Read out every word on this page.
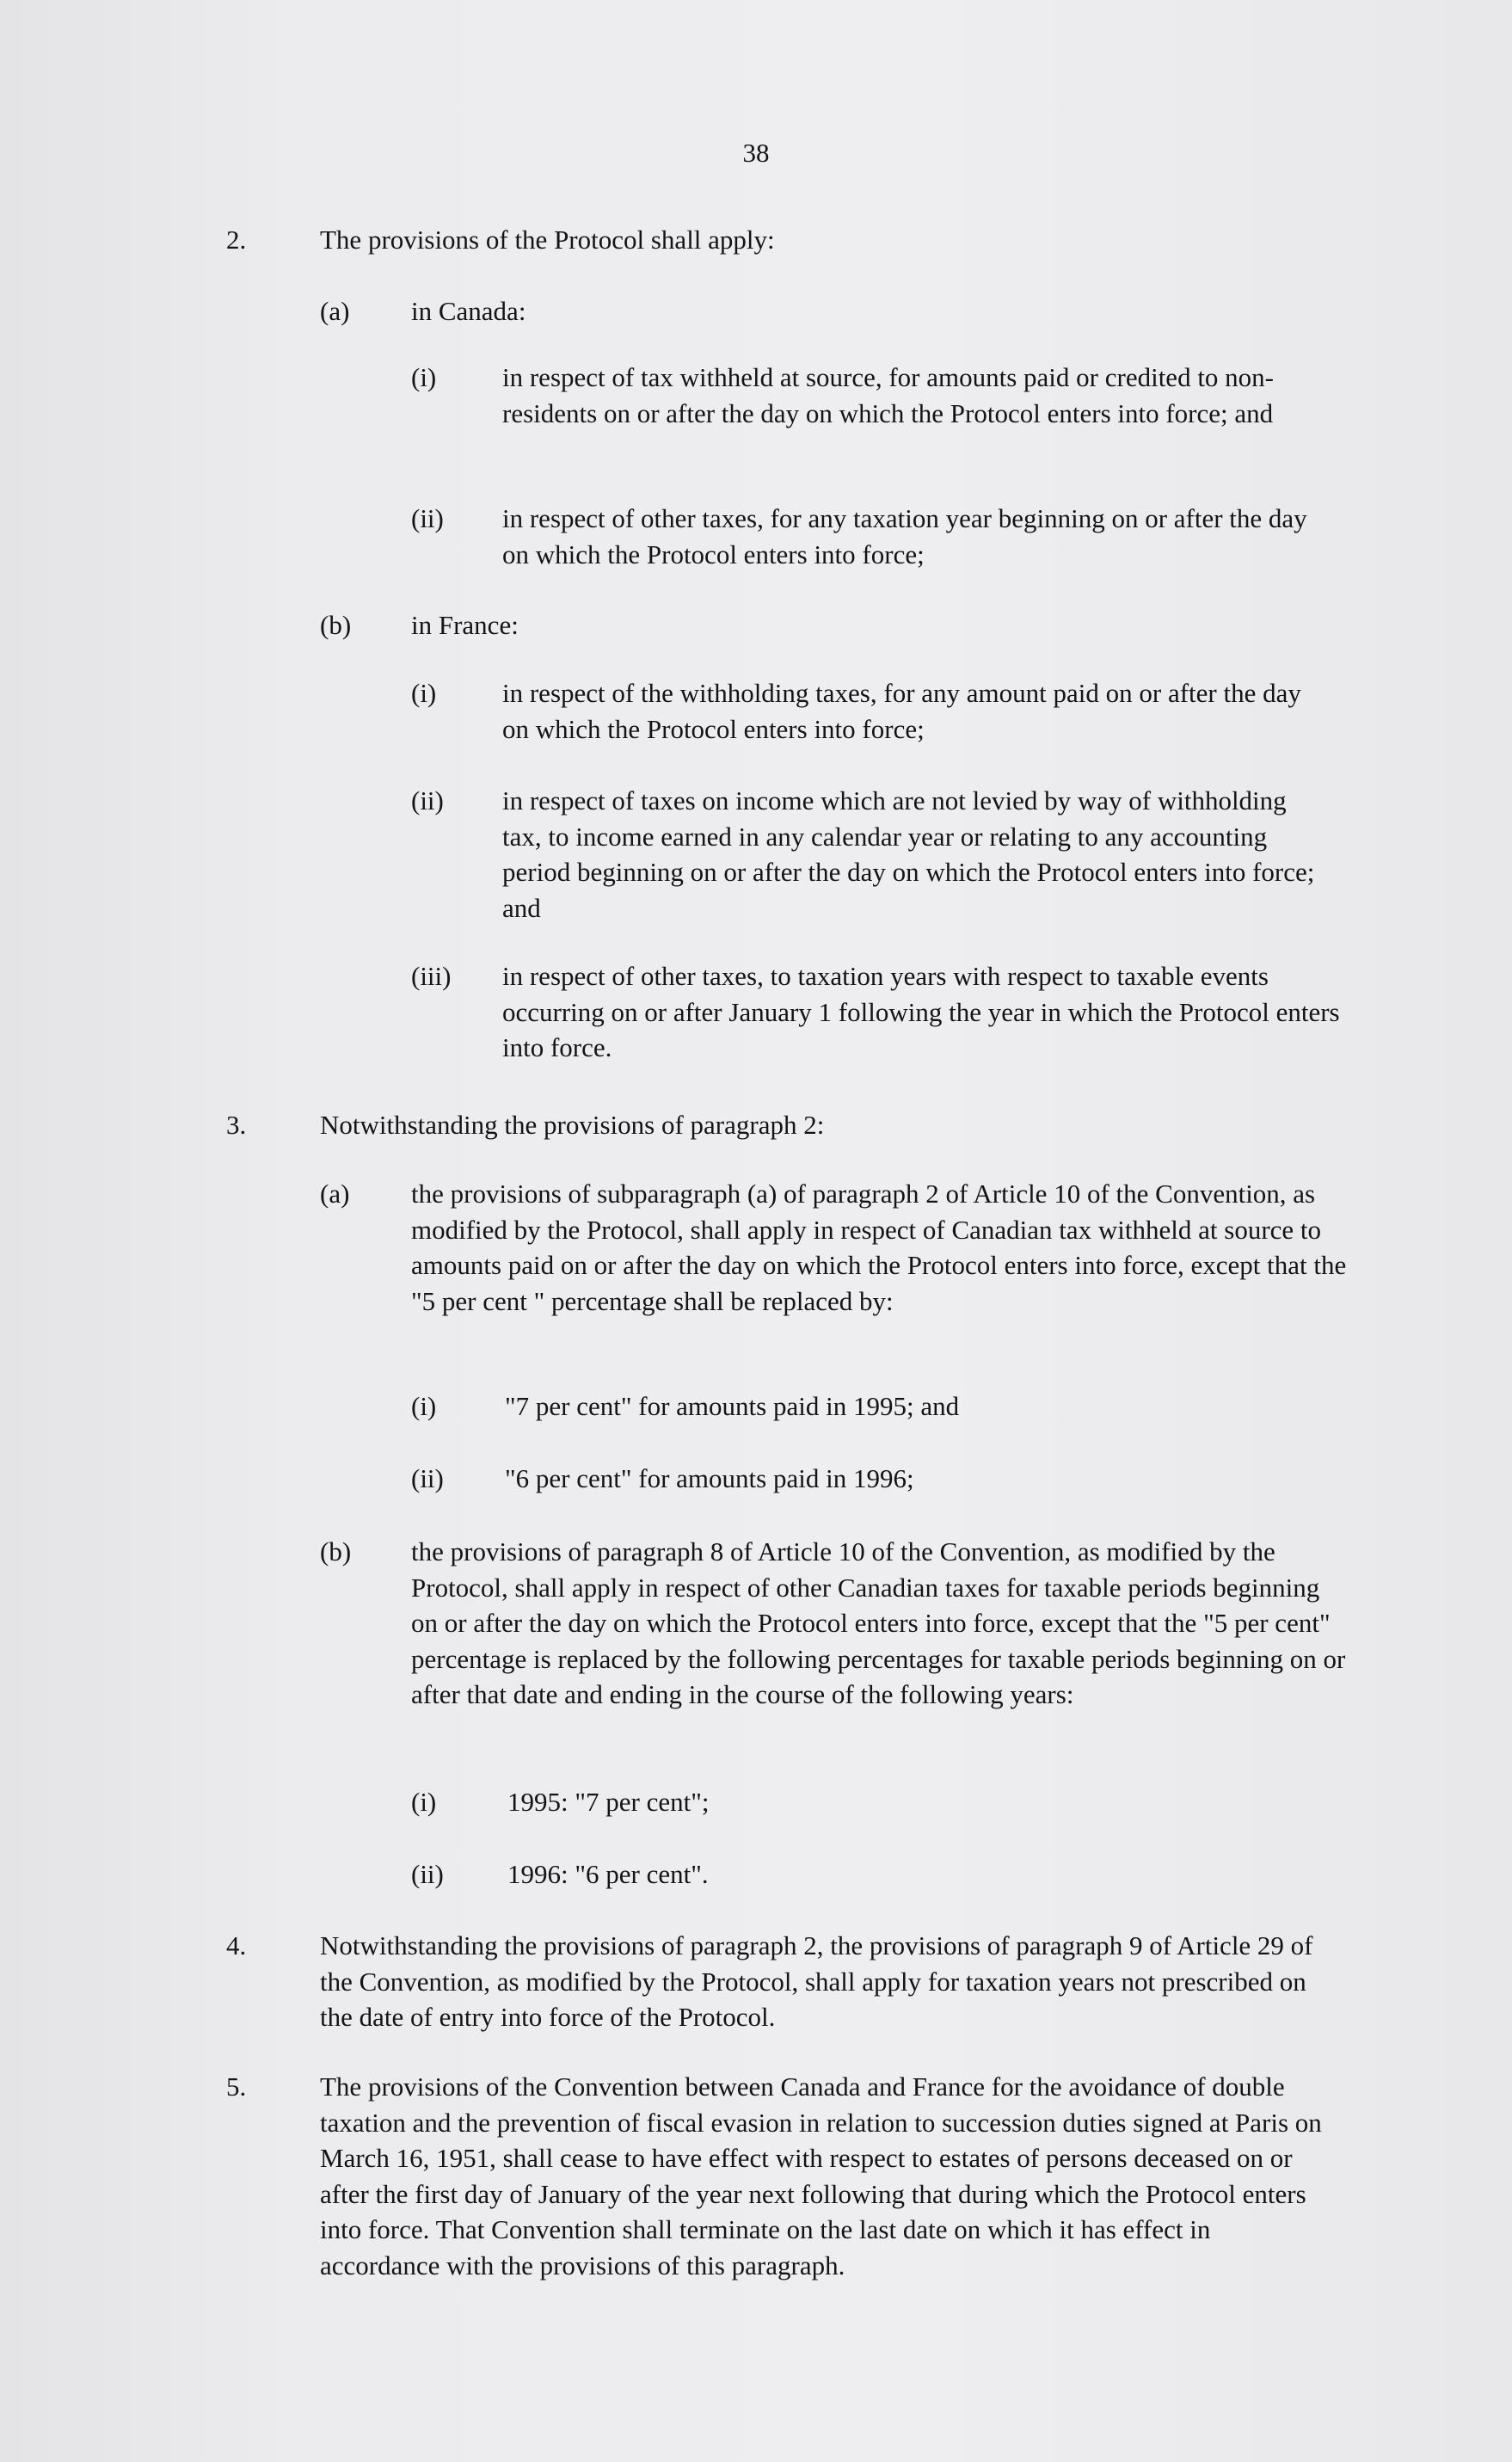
38
2.	The provisions of the Protocol shall apply:
(a) in Canada:
(i) in respect of tax withheld at source, for amounts paid or credited to non-residents on or after the day on which the Protocol enters into force; and
(ii) in respect of other taxes, for any taxation year beginning on or after the day on which the Protocol enters into force;
(b) in France:
(i) in respect of the withholding taxes, for any amount paid on or after the day on which the Protocol enters into force;
(ii) in respect of taxes on income which are not levied by way of withholding tax, to income earned in any calendar year or relating to any accounting period beginning on or after the day on which the Protocol enters into force; and
(iii) in respect of other taxes, to taxation years with respect to taxable events occurring on or after January 1 following the year in which the Protocol enters into force.
3.	Notwithstanding the provisions of paragraph 2:
(a) the provisions of subparagraph (a) of paragraph 2 of Article 10 of the Convention, as modified by the Protocol, shall apply in respect of Canadian tax withheld at source to amounts paid on or after the day on which the Protocol enters into force, except that the "5 per cent " percentage shall be replaced by:
(i)	"7 per cent" for amounts paid in 1995; and
(ii) "6 per cent" for amounts paid in 1996;
(b) the provisions of paragraph 8 of Article 10 of the Convention, as modified by the Protocol, shall apply in respect of other Canadian taxes for taxable periods beginning on or after the day on which the Protocol enters into force, except that the "5 per cent" percentage is replaced by the following percentages for taxable periods beginning on or after that date and ending in the course of the following years:
(i)	1995: "7 per cent";
(ii) 1996: "6 per cent".
4.	Notwithstanding the provisions of paragraph 2, the provisions of paragraph 9 of Article 29 of the Convention, as modified by the Protocol, shall apply for taxation years not prescribed on the date of entry into force of the Protocol.
5.	The provisions of the Convention between Canada and France for the avoidance of double taxation and the prevention of fiscal evasion in relation to succession duties signed at Paris on March 16, 1951, shall cease to have effect with respect to estates of persons deceased on or after the first day of January of the year next following that during which the Protocol enters into force. That Convention shall terminate on the last date on which it has effect in accordance with the provisions of this paragraph.
